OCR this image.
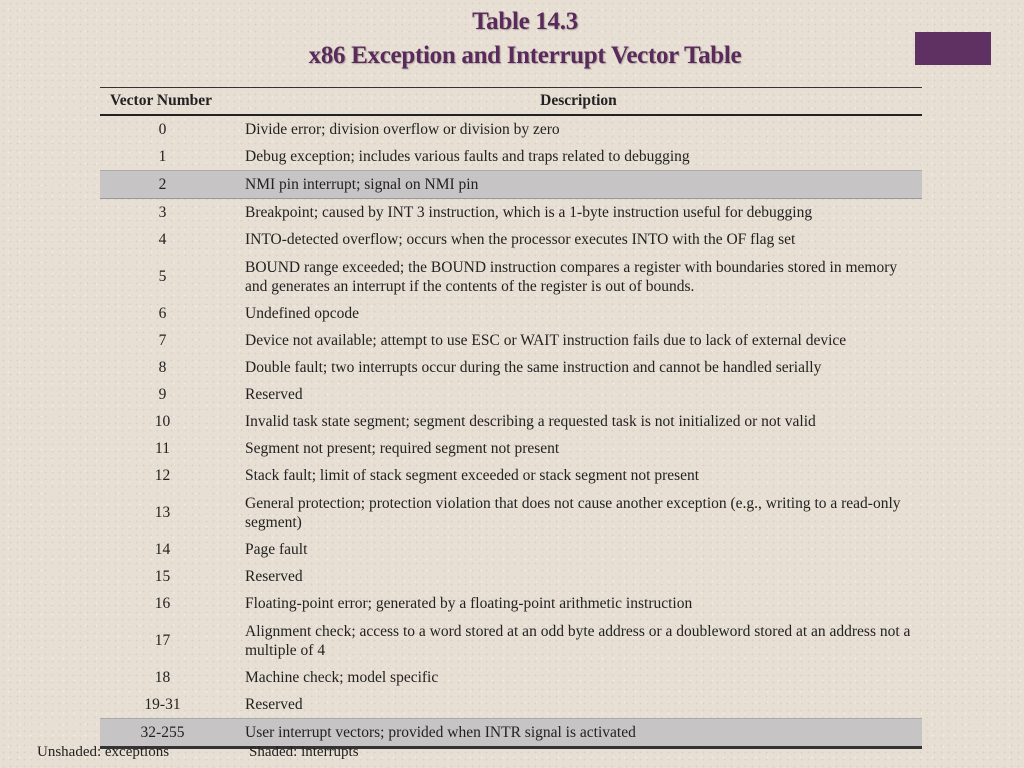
Table 14.3
x86 Exception and Interrupt Vector Table
Vector Number	Description
0	Divide error; division overflow or division by zero
1	Debug exception; includes various faults and traps related to debugging
2	NMI pin interrupt; signal on NMI pin
3	Breakpoint; caused by INT 3 instruction, which is a 1-byte instruction useful for debugging
4	INTO-detected overflow; occurs when the processor executes INTO with the OF flag set
5	BOUND range exceeded; the BOUND instruction compares a register with boundaries stored in memory and generates an interrupt if the contents of the register is out of bounds.
6	Undefined opcode
7	Device not available; attempt to use ESC or WAIT instruction fails due to lack of external device
8	Double fault; two interrupts occur during the same instruction and cannot be handled serially
9	Reserved
10	Invalid task state segment; segment describing a requested task is not initialized or not valid
11	Segment not present; required segment not present
12	Stack fault; limit of stack segment exceeded or stack segment not present
13	General protection; protection violation that does not cause another exception (e.g., writing to a read-only segment)
14	Page fault
15	Reserved
16	Floating-point error; generated by a floating-point arithmetic instruction
17	Alignment check; access to a word stored at an odd byte address or a doubleword stored at an address not a multiple of 4
18	Machine check; model specific
19-31	Reserved
32-255	User interrupt vectors; provided when INTR signal is activated
Unshaded: exceptions	Shaded: interrupts
